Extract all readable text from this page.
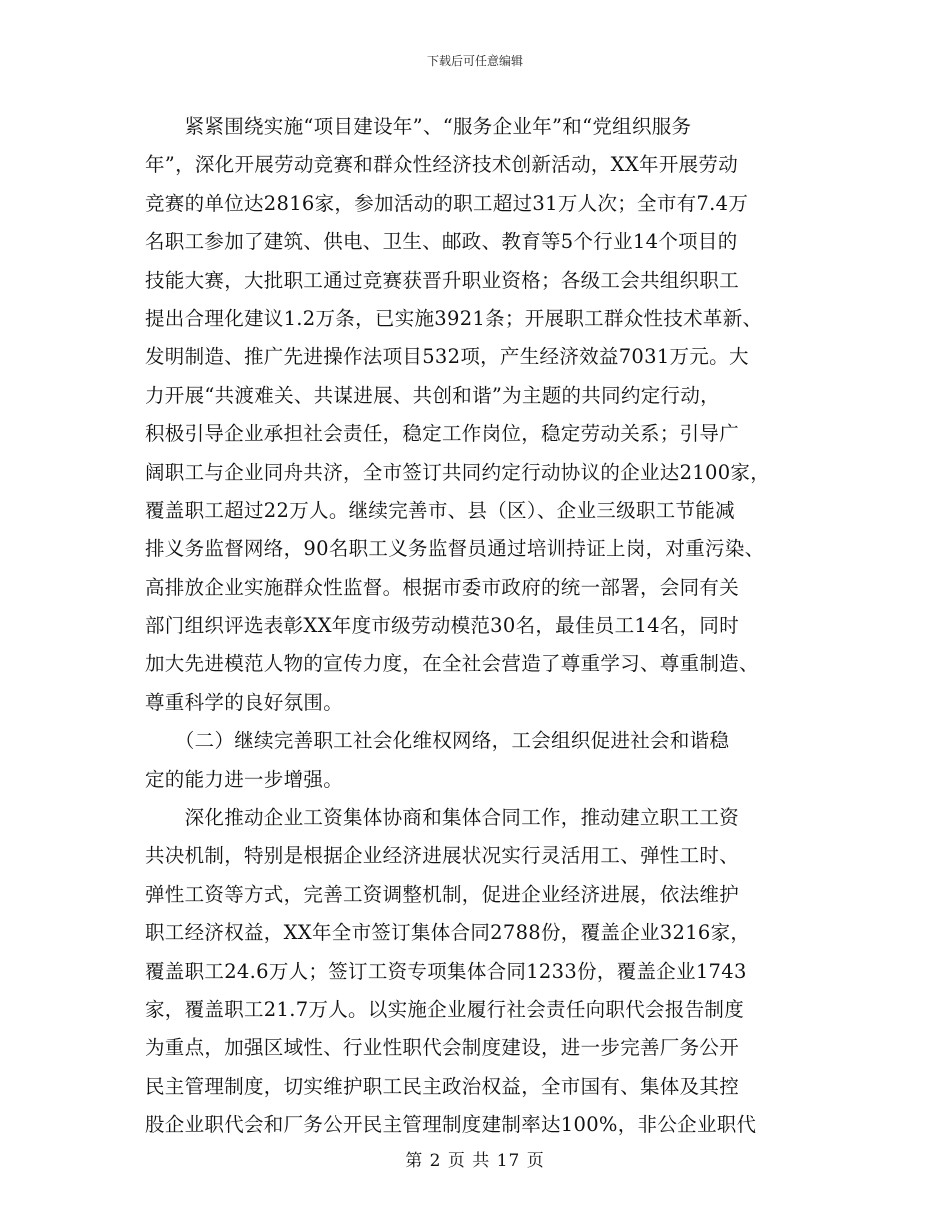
下载后可任意编辑
　　紧紧围绕实施“项目建设年”、“服务企业年”和“党组织服务
年”，深化开展劳动竞赛和群众性经济技术创新活动，XX年开展劳动
竞赛的单位达2816家，参加活动的职工超过31万人次；全市有7.4万
名职工参加了建筑、供电、卫生、邮政、教育等5个行业14个项目的
技能大赛，大批职工通过竞赛获晋升职业资格；各级工会共组织职工
提出合理化建议1.2万条，已实施3921条；开展职工群众性技术革新、
发明制造、推广先进操作法项目532项，产生经济效益7031万元。大
力开展“共渡难关、共谋进展、共创和谐”为主题的共同约定行动，
积极引导企业承担社会责任，稳定工作岗位，稳定劳动关系；引导广
阔职工与企业同舟共济，全市签订共同约定行动协议的企业达2100家，
覆盖职工超过22万人。继续完善市、县（区）、企业三级职工节能减
排义务监督网络，90名职工义务监督员通过培训持证上岗，对重污染、
高排放企业实施群众性监督。根据市委市政府的统一部署，会同有关
部门组织评选表彰XX年度市级劳动模范30名，最佳员工14名，同时
加大先进模范人物的宣传力度，在全社会营造了尊重学习、尊重制造、
尊重科学的良好氛围。
　　（二）继续完善职工社会化维权网络，工会组织促进社会和谐稳
定的能力进一步增强。
　　深化推动企业工资集体协商和集体合同工作，推动建立职工工资
共决机制，特别是根据企业经济进展状况实行灵活用工、弹性工时、
弹性工资等方式，完善工资调整机制，促进企业经济进展，依法维护
职工经济权益，XX年全市签订集体合同2788份，覆盖企业3216家，
覆盖职工24.6万人；签订工资专项集体合同1233份，覆盖企业1743
家，覆盖职工21.7万人。以实施企业履行社会责任向职代会报告制度
为重点，加强区域性、行业性职代会制度建设，进一步完善厂务公开
民主管理制度，切实维护职工民主政治权益，全市国有、集体及其控
股企业职代会和厂务公开民主管理制度建制率达100%，非公企业职代
第 2 页 共 17 页
